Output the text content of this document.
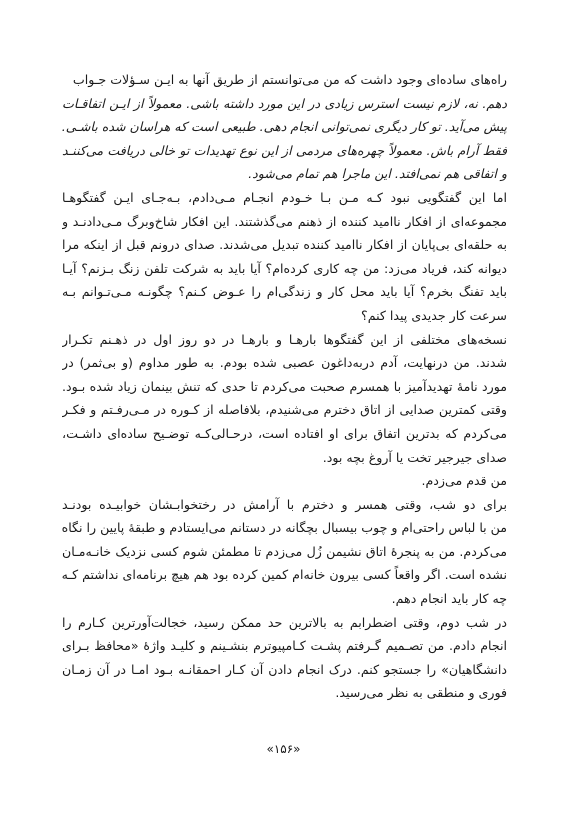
راه‌های ساده‌ای وجود داشت که من می‌توانستم از طریق آنها به ایـن سـؤلات جـواب
دهم. نه، لازم نیست استرس زیادی در این مورد داشته باشی. معمولاً از ایـن اتفاقـات
پیش می‌آید. تو کار دیگری نمی‌توانی انجام دهی. طبیعی است که هراسان شده باشـی.
فقط آرام باش. معمولاً چهره‌های مردمی از این نوع تهدیدات تو خالی دریافت می‌کننـد
و اتفاقی هم نمی‌افتد. این ماجرا هم تمام می‌شود.
اما این گفتگویی نبود کـه مـن بـا خـودم انجـام مـی‌دادم، بـه‌جـای ایـن گفتگوهـا
مجموعه‌ای از افکار ناامید کننده از ذهنم می‌گذشتند. این افکار شاخ‌وبرگ مـی‌دادنـد و
به حلقه‌ای بی‌پایان از افکار ناامید کننده تبدیل می‌شدند. صدای درونم قبل از اینکه مرا
دیوانه کند، فریاد می‌زد: من چه کاری کرده‌ام؟ آیا باید به شرکت تلفن زنگ بـزنم؟ آیـا
باید تفنگ بخرم؟ آیا باید محل کار و زندگی‌ام را عـوض کـنم؟ چگونـه مـی‌تـوانم بـه
سرعت کار جدیدی پیدا کنم؟
نسخه‌های مختلفی از این گفتگوها بارهـا و بارهـا در دو روز اول در ذهـنم تکـرار
شدند. من درنهایت، آدم دربه‌داغون عصبی شده بودم. به طور مداوم (و بی‌ثمر) در
مورد نامهٔ تهدیدآمیز با همسرم صحبت می‌کردم تا حدی که تنش بینمان زیاد شده بـود.
وقتی کمترین صدایی از اتاق دخترم می‌شنیدم، بلافاصله از کـوره در مـی‌رفـتم و فکـر
می‌کردم که بدترین اتفاق برای او افتاده است، درحـالی‌کـه توضـیح ساده‌ای داشـت،
صدای جیرجیر تخت یا آروغ بچه بود.
من قدم می‌زدم.
برای دو شب، وقتی همسر و دخترم با آرامش در رختخوابـشان خوابیـده بودنـد
من با لباس راحتی‌ام و چوب بیسبال بچگانه در دستانم می‌ایستادم و طبقهٔ پایین را نگاه
می‌کردم. من به پنجرهٔ اتاق نشیمن زُل می‌زدم تا مطمئن شوم کسی نزدیک خانـه‌مـان
نشده است. اگر واقعاً کسی بیرون خانه‌ام کمین کرده بود هم هیچ برنامه‌ای نداشتم کـه
چه کار باید انجام دهم.
در شب دوم، وقتی اضطرابم به بالاترین حد ممکن رسید، خجالت‌آورترین کـارم را
انجام دادم. من تصـمیم گـرفتم پشـت کـامپیوترم بنشـینم و کلیـد واژهٔ «محافظ بـرای
دانشگاهیان» را جستجو کنم. درک انجام دادن آن کـار احمقانـه بـود امـا در آن زمـان
فوری و منطقی به نظر می‌رسید.
«۱۵۶»
